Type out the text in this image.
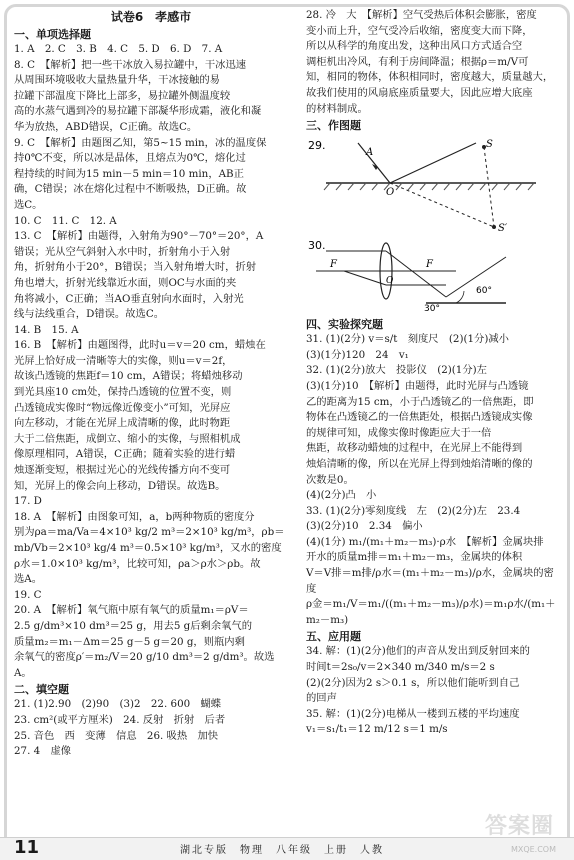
试卷6　孝感市
一、单项选择题
1. A　2. C　3. B　4. C　5. D　6. D　7. A
8. C　【解析】把一些干冰放入易拉罐中，干冰迅速
从周围环境吸收大量热量升华，干冰接触的易
拉罐下部温度下降比上部多，易拉罐外侧温度较
高的水蒸气遇到冷的易拉罐下部凝华形成霜，液化和凝
华为放热，ABD错误，C正确。故选C。
9. C　【解析】由题图乙知，第5~15 min，冰的温度保
持0℃不变，所以冰是晶体，且熔点为0℃，熔化过
程持续的时间为15 min－5 min＝10 min，AB正
确，C错误；冰在熔化过程中不断吸热，D正确。故
选C。
10. C　11. C　12. A
13. C　【解析】由题得，入射角为90°－70°＝20°，A
错误；光从空气斜射入水中时，折射角小于入射
角，折射角小于20°，B错误；当入射角增大时，折射
角也增大，折射光线靠近水面，则OC与水面的夹
角将减小，C正确；当AO垂直射向水面时，入射光
线与法线重合，D错误。故选C。
14. B　15. A
16. B　【解析】由题图得，此时u＝v＝20 cm，蜡烛在
光屏上恰好成一清晰等大的实像，则u＝v＝2f，
故该凸透镜的焦距f＝10 cm，A错误；将蜡烛移动
到光具座10 cm处，保持凸透镜的位置不变，则
凸透镜成实像时“物远像近像变小”可知，光屏应
向左移动，才能在光屏上成清晰的像，此时物距
大于二倍焦距，成倒立、缩小的实像，与照相机成
像原理相同，A错误，C正确；随着实验的进行蜡
烛逐渐变短，根据过光心的光线传播方向不变可
知，光屏上的像会向上移动，D错误。故选B。
17. D
18. A　【解析】由图象可知，a，b两种物质的密度分
别为ρa＝ma/Va＝4×10³ kg/2 m³＝2×10³ kg/m³，ρb＝
mb/Vb＝2×10³ kg/4 m³＝0.5×10³ kg/m³，又水的密度
ρ水＝1.0×10³ kg/m³，比较可知，ρa＞ρ水＞ρb。故
选A。
19. C
20. A　【解析】氧气瓶中原有氧气的质量m₁＝ρV＝
2.5 g/dm³×10 dm³＝25 g，用去5 g后剩余氧气的
质量m₂＝m₁－Δm＝25 g－5 g＝20 g，则瓶内剩
余氧气的密度ρ′＝m₂/V＝20 g/10 dm³＝2 g/dm³。故选A。
二、填空题
21. (1)2.90　(2)90　(3)2　22. 600　蝴蝶
23. cm²(或平方厘米)　24. 反射　折射　后者
25. 音色　西　变薄　信息　26. 吸热　加快
27. 4　虚像
28. 冷　大　【解析】空气受热后体积会膨胀，密度
变小而上升，空气受冷后收缩，密度变大而下降，
所以从科学的角度出发，这种出风口方式适合空
调柜机出冷风，有利于房间降温；根据ρ＝m/V可
知，相同的物体，体积相同时，密度越大，质量越大，
故我们使用的风扇底座质量要大，因此应增大底座
的材料制成。
三、作图题
29.	S
A
O
S′
30.
F
O
F
60°
30°
四、实验探究题
31. (1)(2分) v＝s/t　刻度尺　(2)(1分)减小
(3)(1分)120　24　v₁
32. (1)(2分)放大　投影仪　(2)(1分)左
(3)(1分)10　【解析】由题得，此时光屏与凸透镜
乙的距离为15 cm，小于凸透镜乙的一倍焦距，即
物体在凸透镜乙的一倍焦距处，根据凸透镜成实像
的规律可知，成像实像时像距应大于一倍
焦距，故移动蜡烛的过程中，在光屏上不能得到
烛焰清晰的像，所以在光屏上得到烛焰清晰的像的
次数是0。
(4)(2分)凸　小
33. (1)(2分)零刻度线　左　(2)(2分)左　23.4
(3)(2分)10　2.34　偏小
(4)(1分) m₁/(m₁＋m₂－m₃)·ρ水　【解析】金属块排
开水的质量m排＝m₁＋m₂－m₃，金属块的体积
V＝V排＝m排/ρ水＝(m₁＋m₂－m₃)/ρ水，金属块的密度
ρ金＝m₁/V＝m₁/((m₁＋m₂－m₃)/ρ水)＝m₁ρ水/(m₁＋m₂－m₃)
五、应用题
34. 解：(1)(2分)他们的声音从发出到反射回来的
时间t＝2s₀/v＝2×340 m/340 m/s＝2 s
(2)(2分)因为2 s＞0.1 s，所以他们能听到自己
的回声
35. 解：(1)(2分)电梯从一楼到五楼的平均速度
v₁＝s₁/t₁＝12 m/12 s＝1 m/s
湖北专版　物理　八年级　上册　人教
11
答案圈
MXQE.COM
